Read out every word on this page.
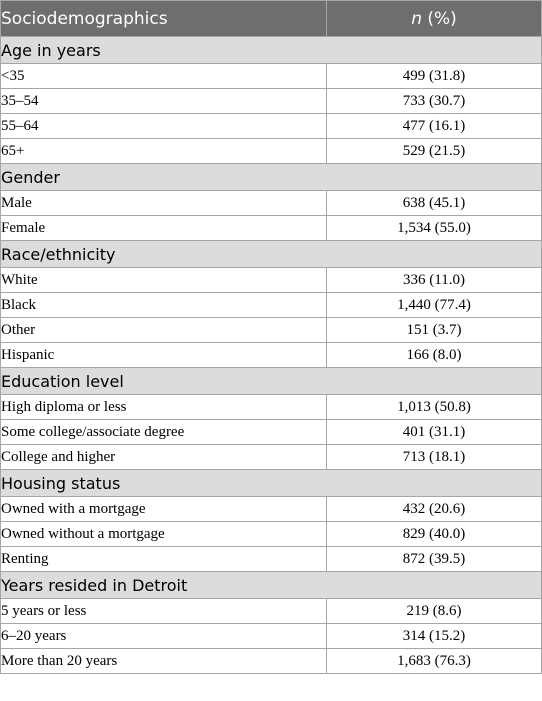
Sociodemographics	n (%)
Age in years	
<35	499 (31.8)
35–54	733 (30.7)
55–64	477 (16.1)
65+	529 (21.5)
Gender	
Male	638 (45.1)
Female	1,534 (55.0)
Race/ethnicity	
White	336 (11.0)
Black	1,440 (77.4)
Other	151 (3.7)
Hispanic	166 (8.0)
Education level	
High diploma or less	1,013 (50.8)
Some college/associate degree	401 (31.1)
College and higher	713 (18.1)
Housing status	
Owned with a mortgage	432 (20.6)
Owned without a mortgage	829 (40.0)
Renting	872 (39.5)
Years resided in Detroit	
5 years or less	219 (8.6)
6–20 years	314 (15.2)
More than 20 years	1,683 (76.3)
